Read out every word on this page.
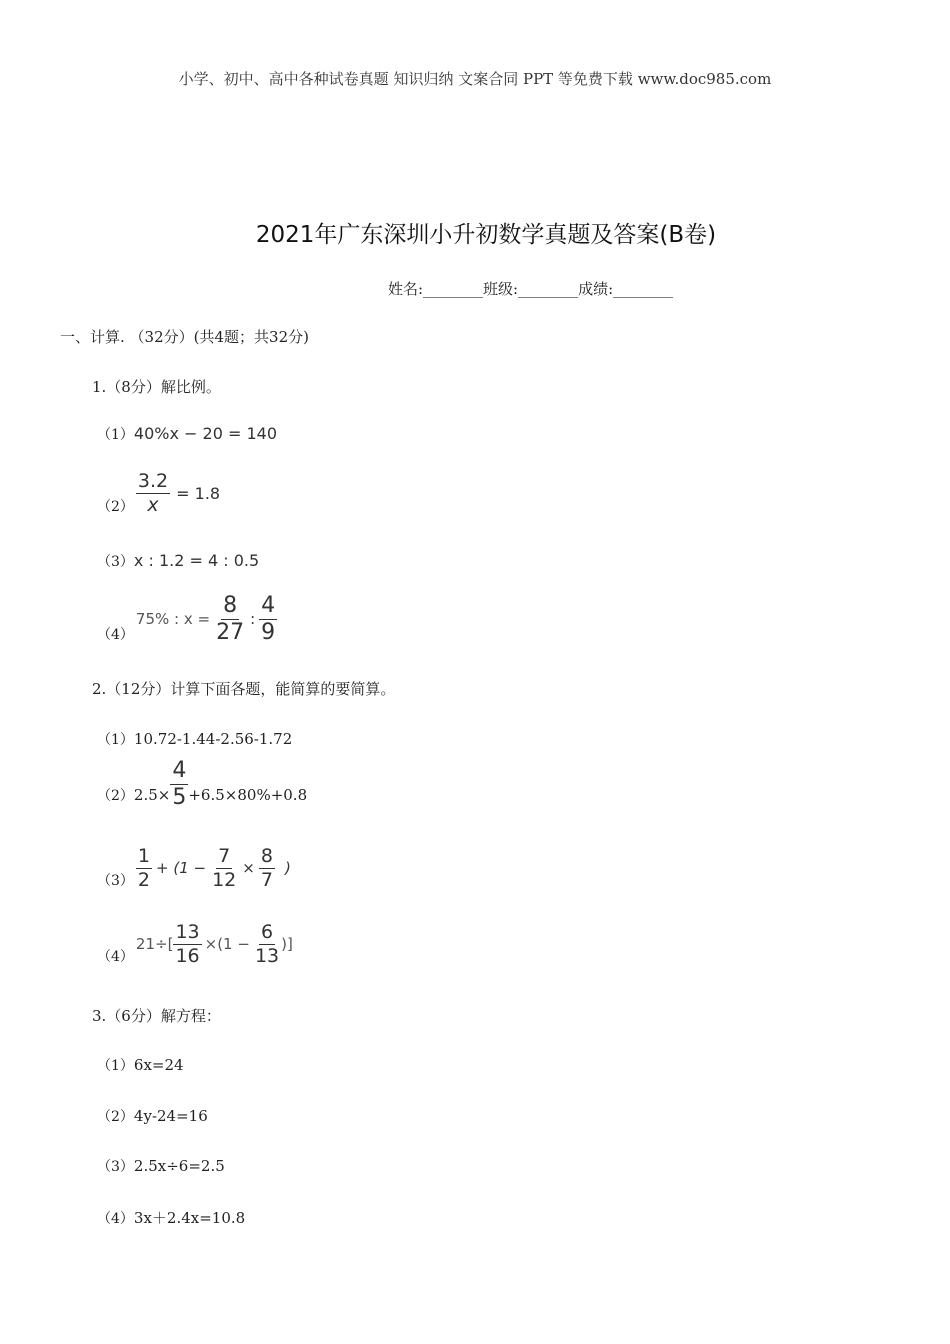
小学、初中、高中各种试卷真题 知识归纳 文案合同 PPT 等免费下载 www.doc985.com
2021年广东深圳小升初数学真题及答案(B卷)
姓名:________班级:________成绩:________
一、计算. （32分）(共4题；共32分)
1.（8分）解比例。
（1）40%x − 20 = 140
$(2) \frac{3.2}{x} = 1.8$
（3）x : 1.2 = 4 : 0.5
（4）
75% : $x = \frac{8}{27}$ : $\frac{4}{9}$
2.（12分）计算下面各题，能简算的要简算。
（1）10.72-1.44-2.56-1.72
（2） $2.5\times \frac{4}{5} +6.5\times 80\%+0.8$
$(3) \frac{1}{2} + (1 - \frac{7}{12} \times \frac{8}{7}$ )
（4）
$21\div[ \frac{13}{16} \times(1 - \frac{6}{13}$ )]
3.（6分）解方程：
（1）6x=24
（2）4y-24=16
（3）2.5x÷6=2.5
（4）3x＋2.4x=10.8
